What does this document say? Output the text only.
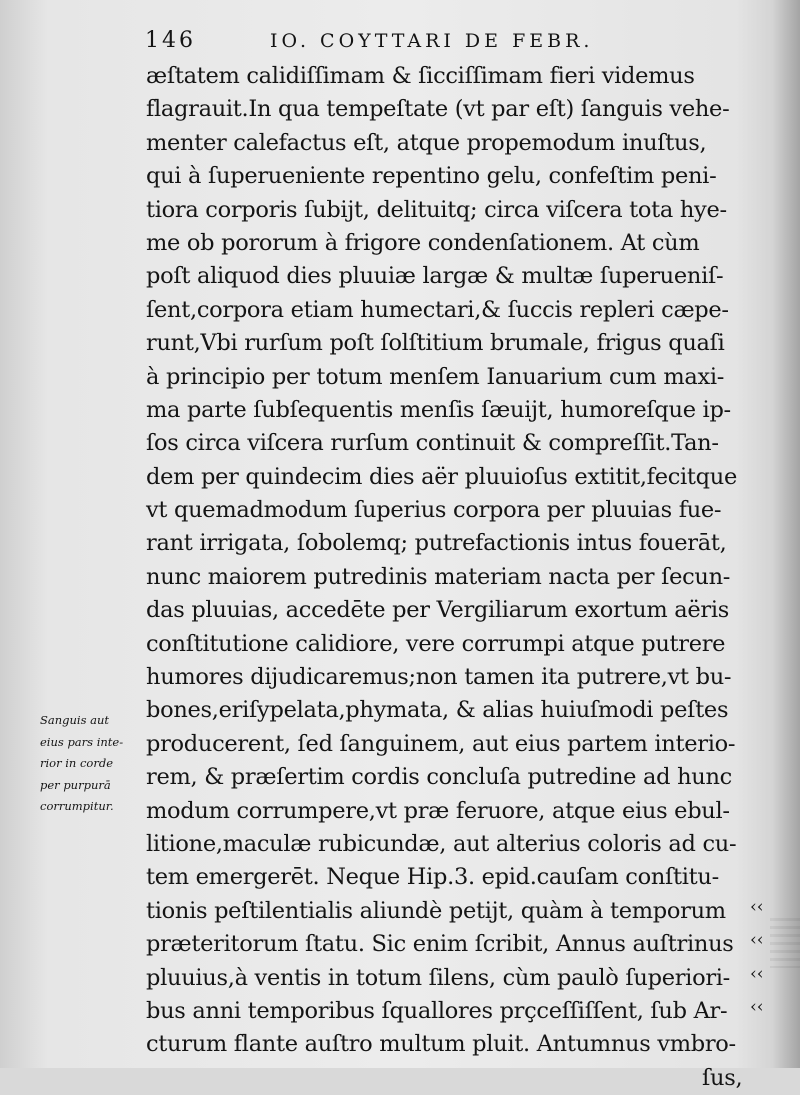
146	IO. COYTTARI DE FEBR.
æſtatem calidiſſimam & ſicciſſimam fieri videmus
flagrauit.In qua tempeſtate (vt par eſt) ſanguis vehe-
menter calefactus eſt, atque propemodum inuſtus,
qui à ſuperueniente repentino gelu, confeſtim peni-
tiora corporis ſubijt, delituitq; circa viſcera tota hye-
me ob pororum à frigore condenſationem. At cùm
poſt aliquod dies pluuiæ largæ & multæ ſuperueniſ-
ſent,corpora etiam humectari,& ſuccis repleri cæpe-
runt,Vbi rurſum poſt ſolſtitium brumale, frigus quaſi
à principio per totum menſem Ianuarium cum maxi-
ma parte ſubſequentis menſis ſæuijt, humoreſque ip-
ſos circa viſcera rurſum continuit & compreſſit.Tan-
dem per quindecim dies aër pluuioſus extitit,fecitque
vt quemadmodum ſuperius corpora per pluuias fue-
rant irrigata, ſobolemq; putrefactionis intus fouerāt,
nunc maiorem putredinis materiam nacta per ſecun-
das pluuias, accedēte per Vergiliarum exortum aëris
conſtitutione calidiore, vere corrumpi atque putrere
humores dijudicaremus;non tamen ita putrere,vt bu-
bones,eriſypelata,phymata, & alias huiuſmodi peſtes
producerent, ſed ſanguinem, aut eius partem interio-
rem, & præſertim cordis concluſa putredine ad hunc
modum corrumpere,vt præ feruore, atque eius ebul-
litione,maculæ rubicundæ, aut alterius coloris ad cu-
tem emergerēt. Neque Hip.3. epid.cauſam conſtitu-
tionis peſtilentialis aliundè petijt, quàm à temporum
præteritorum ſtatu. Sic enim ſcribit, Annus auſtrinus
pluuius,à ventis in totum ſilens, cùm paulò ſuperiori-
bus anni temporibus ſquallores prçceſſiſſent, ſub Ar-
cturum flante auſtro multum pluit. Antumnus vmbro-
ſus,
Sanguis aut
eius pars inte-
rior in corde
per purpurā
corrumpitur.
‹‹
‹‹
‹‹
‹‹
